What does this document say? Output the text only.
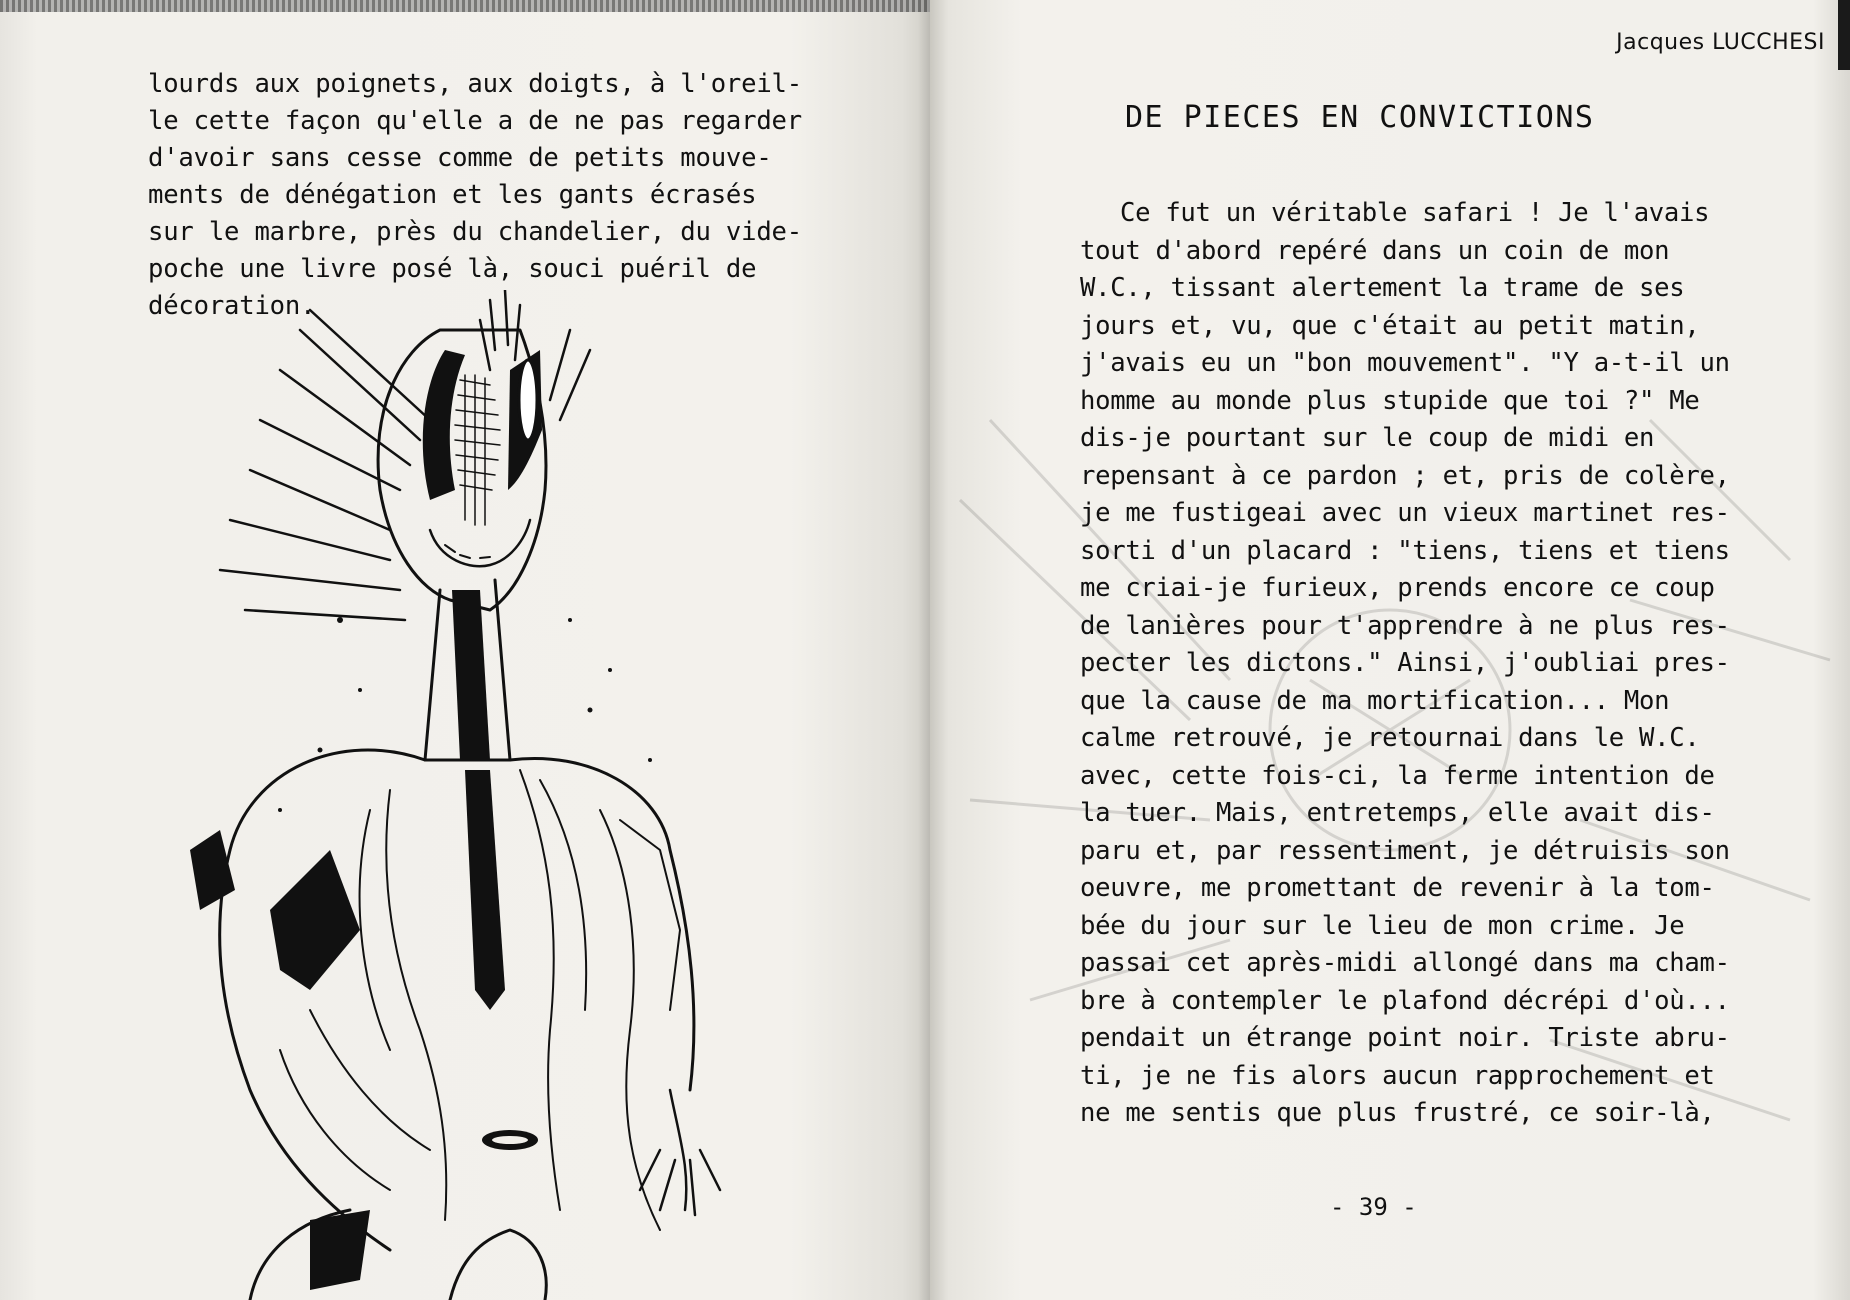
lourds aux poignets, aux doigts, à l'oreil-
le cette façon qu'elle a de ne pas regarder
d'avoir sans cesse comme de petits mouve-
ments de dénégation et les gants écrasés
sur le marbre, près du chandelier, du vide-
poche une livre posé là, souci puéril de
décoration.
Jacques LUCCHESI
DE PIECES EN CONVICTIONS
Ce fut un véritable safari ! Je l'avais
tout d'abord repéré dans un coin de mon
W.C., tissant alertement la trame de ses
jours et, vu, que c'était au petit matin,
j'avais eu un "bon mouvement". "Y a-t-il un
homme au monde plus stupide que toi ?" Me
dis-je pourtant sur le coup de midi en
repensant à ce pardon ; et, pris de colère,
je me fustigeai avec un vieux martinet res-
sorti d'un placard : "tiens, tiens et tiens
me criai-je furieux, prends encore ce coup
de lanières pour t'apprendre à ne plus res-
pecter les dictons." Ainsi, j'oubliai pres-
que la cause de ma mortification... Mon
calme retrouvé, je retournai dans le W.C.
avec, cette fois-ci, la ferme intention de
la tuer. Mais, entretemps, elle avait dis-
paru et, par ressentiment, je détruisis son
oeuvre, me promettant de revenir à la tom-
bée du jour sur le lieu de mon crime. Je
passai cet après-midi allongé dans ma cham-
bre à contempler le plafond décrépi d'où...
pendait un étrange point noir. Triste abru-
ti, je ne fis alors aucun rapprochement et
ne me sentis que plus frustré, ce soir-là,
- 39 -
